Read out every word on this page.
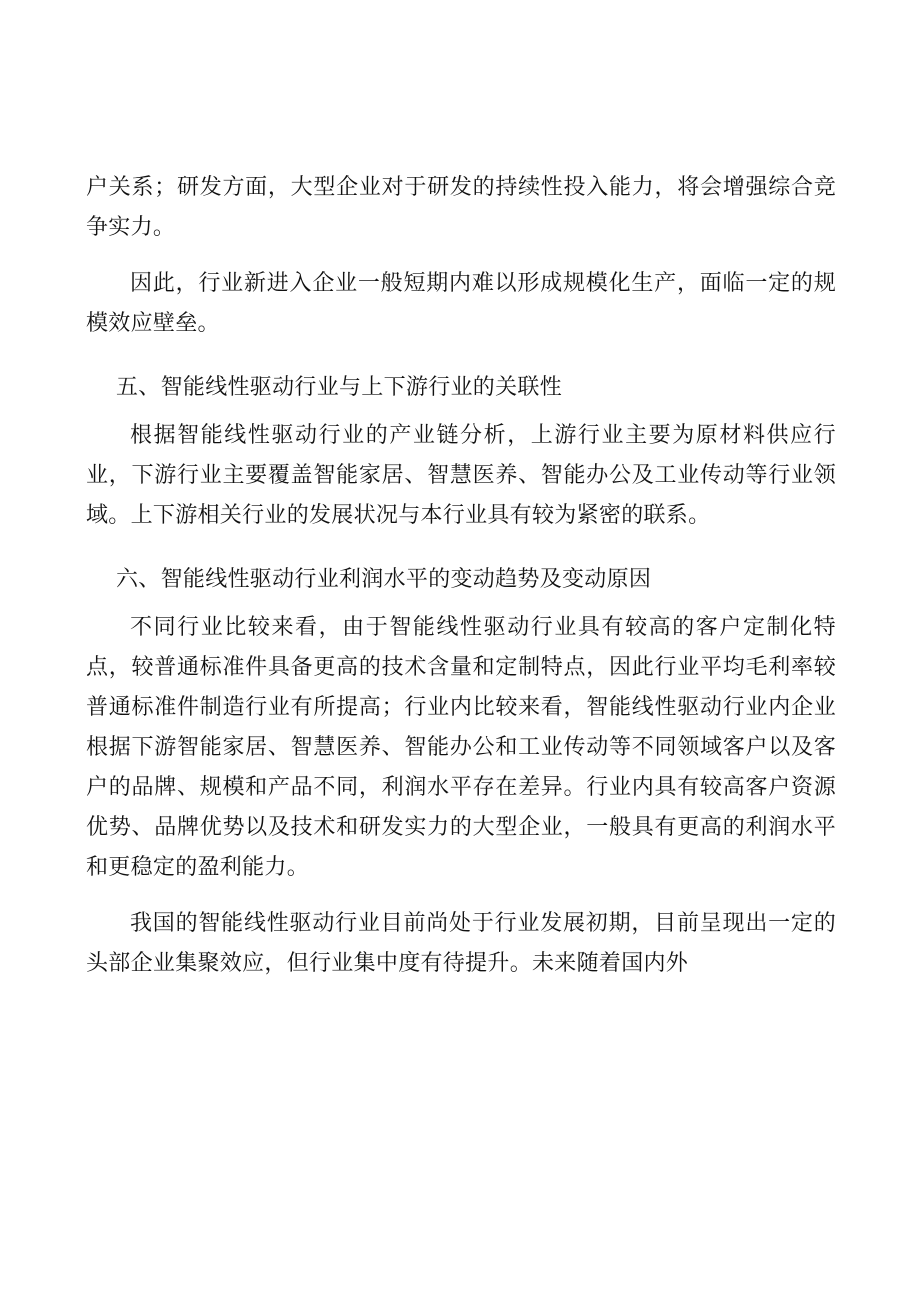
户关系；研发方面，大型企业对于研发的持续性投入能力，将会增强综合竞争实力。

因此，行业新进入企业一般短期内难以形成规模化生产，面临一定的规模效应壁垒。

五、智能线性驱动行业与上下游行业的关联性

根据智能线性驱动行业的产业链分析，上游行业主要为原材料供应行业，下游行业主要覆盖智能家居、智慧医养、智能办公及工业传动等行业领域。上下游相关行业的发展状况与本行业具有较为紧密的联系。

六、智能线性驱动行业利润水平的变动趋势及变动原因

不同行业比较来看，由于智能线性驱动行业具有较高的客户定制化特点，较普通标准件具备更高的技术含量和定制特点，因此行业平均毛利率较普通标准件制造行业有所提高；行业内比较来看，智能线性驱动行业内企业根据下游智能家居、智慧医养、智能办公和工业传动等不同领域客户以及客户的品牌、规模和产品不同，利润水平存在差异。行业内具有较高客户资源优势、品牌优势以及技术和研发实力的大型企业，一般具有更高的利润水平和更稳定的盈利能力。

我国的智能线性驱动行业目前尚处于行业发展初期，目前呈现出一定的头部企业集聚效应，但行业集中度有待提升。未来随着国内外
